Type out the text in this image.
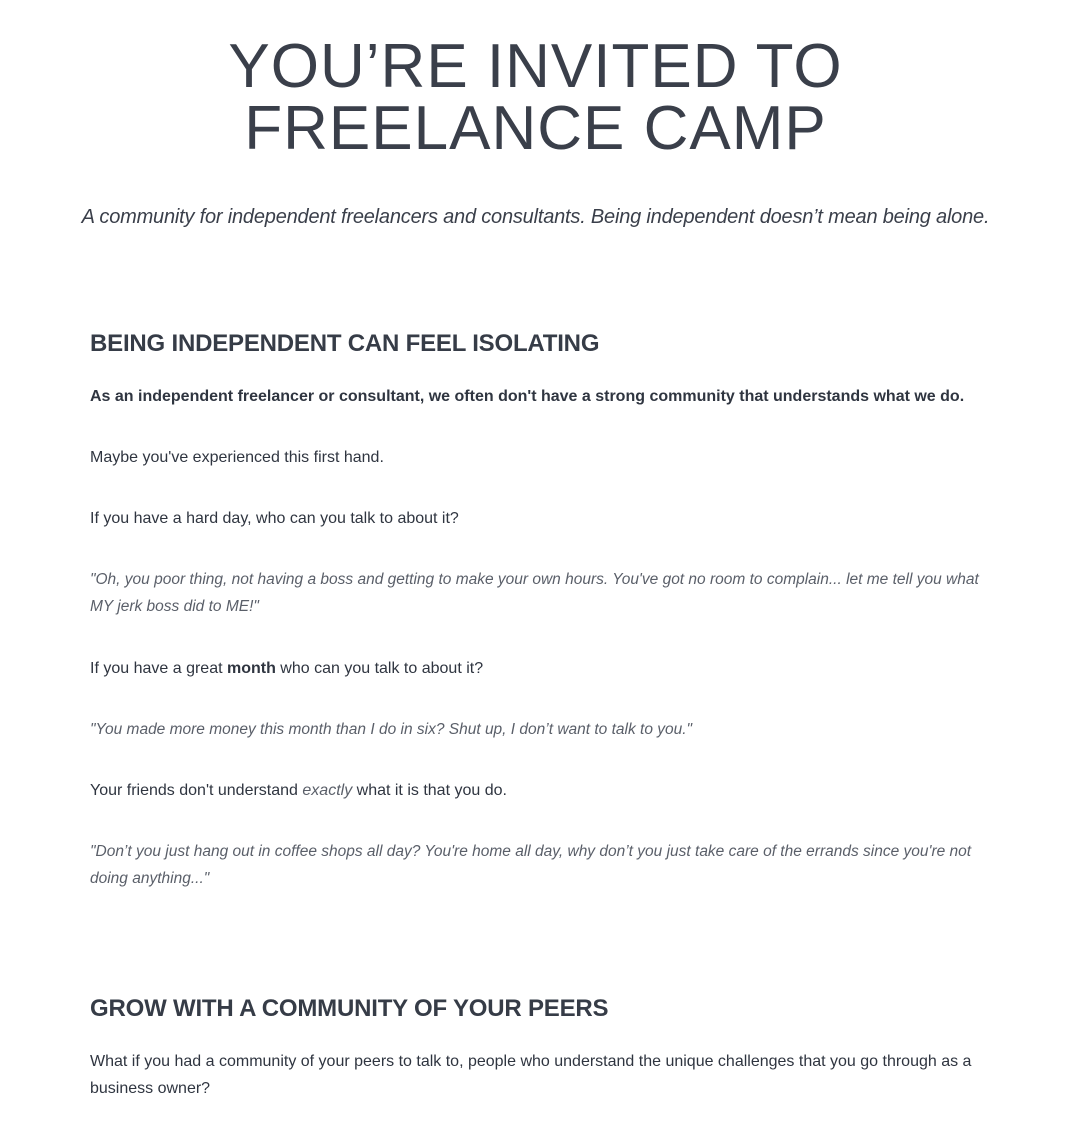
YOU’RE INVITED TO
FREELANCE CAMP

A community for independent freelancers and consultants. Being independent doesn’t mean being alone.

BEING INDEPENDENT CAN FEEL ISOLATING

As an independent freelancer or consultant, we often don't have a strong community that understands what we do.

Maybe you've experienced this first hand.

If you have a hard day, who can you talk to about it?

"Oh, you poor thing, not having a boss and getting to make your own hours. You've got no room to complain... let me tell you what MY jerk boss did to ME!"

If you have a great month who can you talk to about it?

"You made more money this month than I do in six? Shut up, I don’t want to talk to you."

Your friends don't understand exactly what it is that you do.

"Don’t you just hang out in coffee shops all day? You're home all day, why don’t you just take care of the errands since you're not doing anything..."

GROW WITH A COMMUNITY OF YOUR PEERS

What if you had a community of your peers to talk to, people who understand the unique challenges that you go through as a business owner?
